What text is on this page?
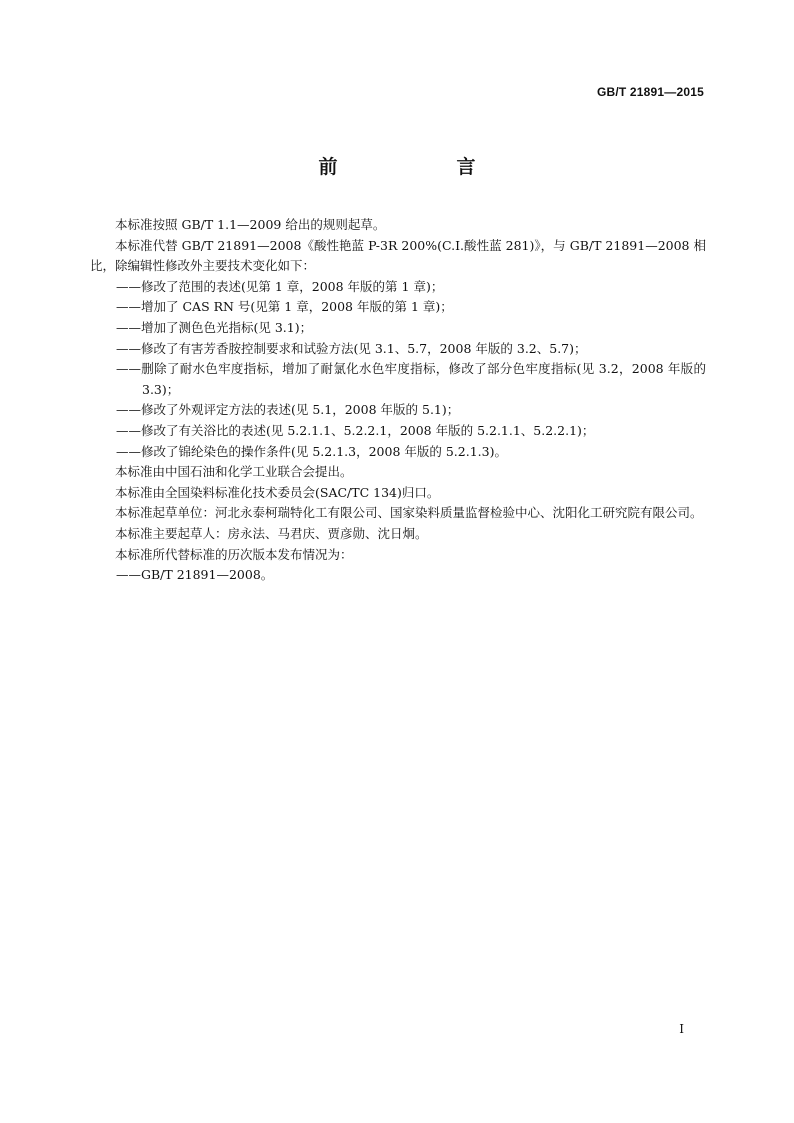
GB/T 21891—2015
前　言

本标准按照 GB/T 1.1—2009 给出的规则起草。

本标准代替 GB/T 21891—2008《酸性艳蓝 P-3R 200%(C.I.酸性蓝 281)》，与 GB/T 21891—2008 相比，除编辑性修改外主要技术变化如下：

——修改了范围的表述(见第 1 章，2008 年版的第 1 章)；

——增加了 CAS RN 号(见第 1 章，2008 年版的第 1 章)；

——增加了测色色光指标(见 3.1)；

——修改了有害芳香胺控制要求和试验方法(见 3.1、5.7，2008 年版的 3.2、5.7)；

——删除了耐水色牢度指标，增加了耐氯化水色牢度指标，修改了部分色牢度指标(见 3.2，2008 年版的 3.3)；

——修改了外观评定方法的表述(见 5.1，2008 年版的 5.1)；

——修改了有关浴比的表述(见 5.2.1.1、5.2.2.1，2008 年版的 5.2.1.1、5.2.2.1)；

——修改了锦纶染色的操作条件(见 5.2.1.3，2008 年版的 5.2.1.3)。

本标准由中国石油和化学工业联合会提出。

本标准由全国染料标准化技术委员会(SAC/TC 134)归口。

本标准起草单位：河北永泰柯瑞特化工有限公司、国家染料质量监督检验中心、沈阳化工研究院有限公司。

本标准主要起草人：房永法、马君庆、贾彦勋、沈日炯。

本标准所代替标准的历次版本发布情况为：

——GB/T 21891—2008。

I
